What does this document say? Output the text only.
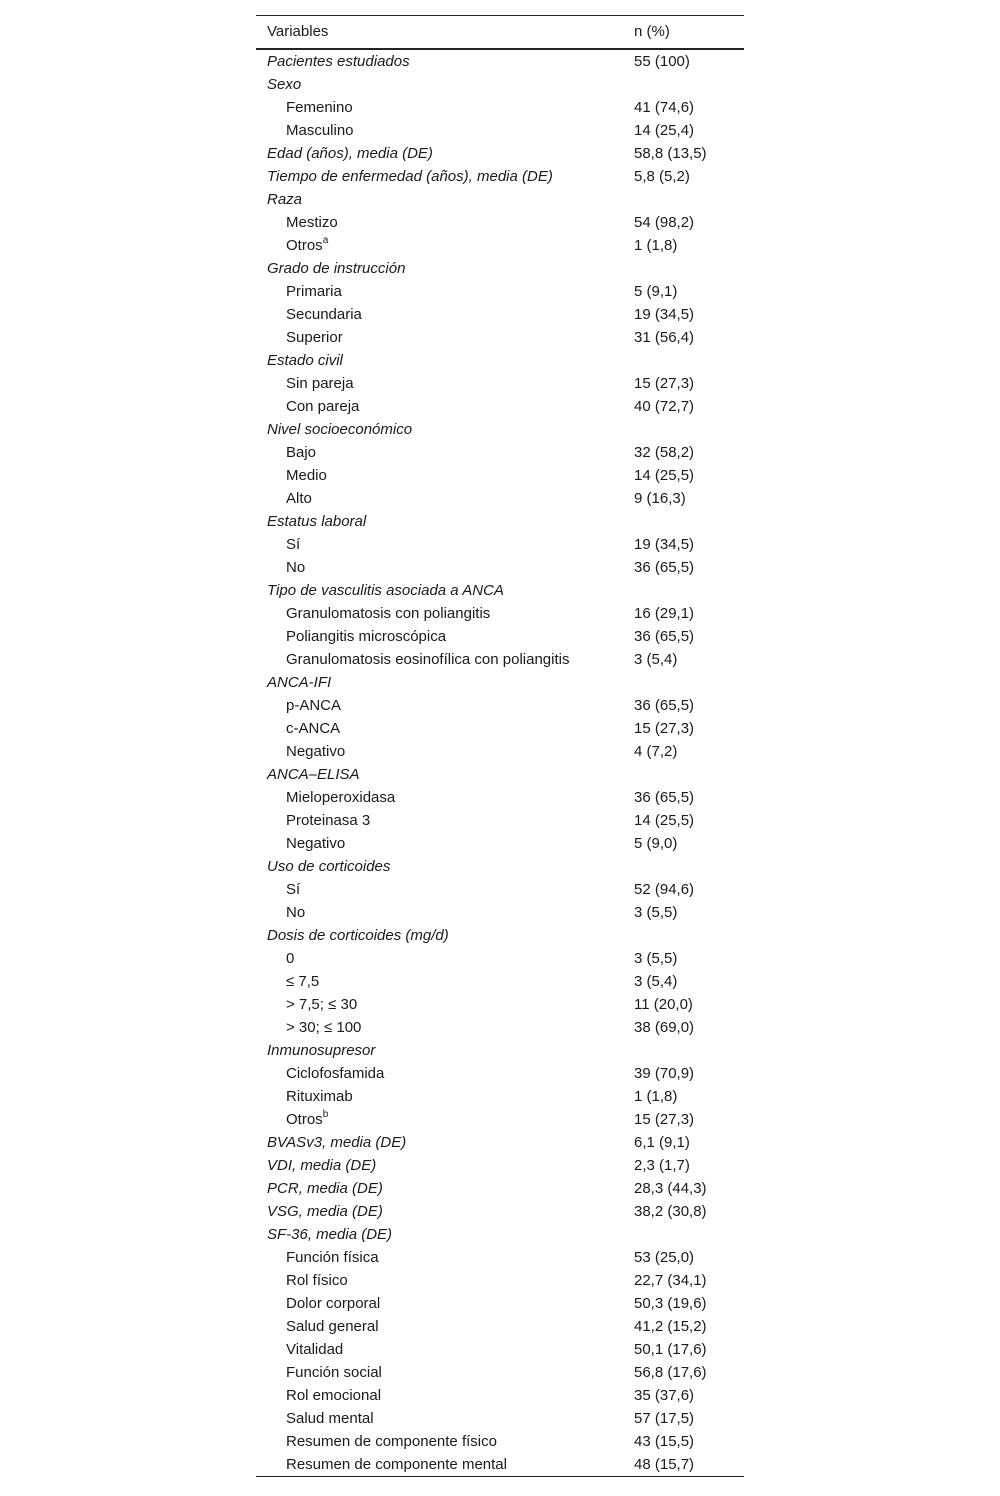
Variables	n (%)
Pacientes estudiados	55 (100)
Sexo
Femenino	41 (74,6)
Masculino	14 (25,4)
Edad (años), media (DE)	58,8 (13,5)
Tiempo de enfermedad (años), media (DE)	5,8 (5,2)
Raza
Mestizo	54 (98,2)
Otros$^a$	1 (1,8)
Grado de instrucción
Primaria	5 (9,1)
Secundaria	19 (34,5)
Superior	31 (56,4)
Estado civil
Sin pareja	15 (27,3)
Con pareja	40 (72,7)
Nivel socioeconómico
Bajo	32 (58,2)
Medio	14 (25,5)
Alto	9 (16,3)
Estatus laboral
Sí	19 (34,5)
No	36 (65,5)
Tipo de vasculitis asociada a ANCA
Granulomatosis con poliangitis	16 (29,1)
Poliangitis microscópica	36 (65,5)
Granulomatosis eosinofílica con poliangitis	3 (5,4)
ANCA-IFI
p-ANCA	36 (65,5)
c-ANCA	15 (27,3)
Negativo	4 (7,2)
ANCA–ELISA
Mieloperoxidasa	36 (65,5)
Proteinasa 3	14 (25,5)
Negativo	5 (9,0)
Uso de corticoides
Sí	52 (94,6)
No	3 (5,5)
Dosis de corticoides (mg/d)
0	3 (5,5)
≤ 7,5	3 (5,4)
> 7,5; ≤ 30	11 (20,0)
> 30; ≤ 100	38 (69,0)
Inmunosupresor
Ciclofosfamida	39 (70,9)
Rituximab	1 (1,8)
Otros$^b$	15 (27,3)
BVASv3, media (DE)	6,1 (9,1)
VDI, media (DE)	2,3 (1,7)
PCR, media (DE)	28,3 (44,3)
VSG, media (DE)	38,2 (30,8)
SF-36, media (DE)
Función física	53 (25,0)
Rol físico	22,7 (34,1)
Dolor corporal	50,3 (19,6)
Salud general	41,2 (15,2)
Vitalidad	50,1 (17,6)
Función social	56,8 (17,6)
Rol emocional	35 (37,6)
Salud mental	57 (17,5)
Resumen de componente físico	43 (15,5)
Resumen de componente mental	48 (15,7)
